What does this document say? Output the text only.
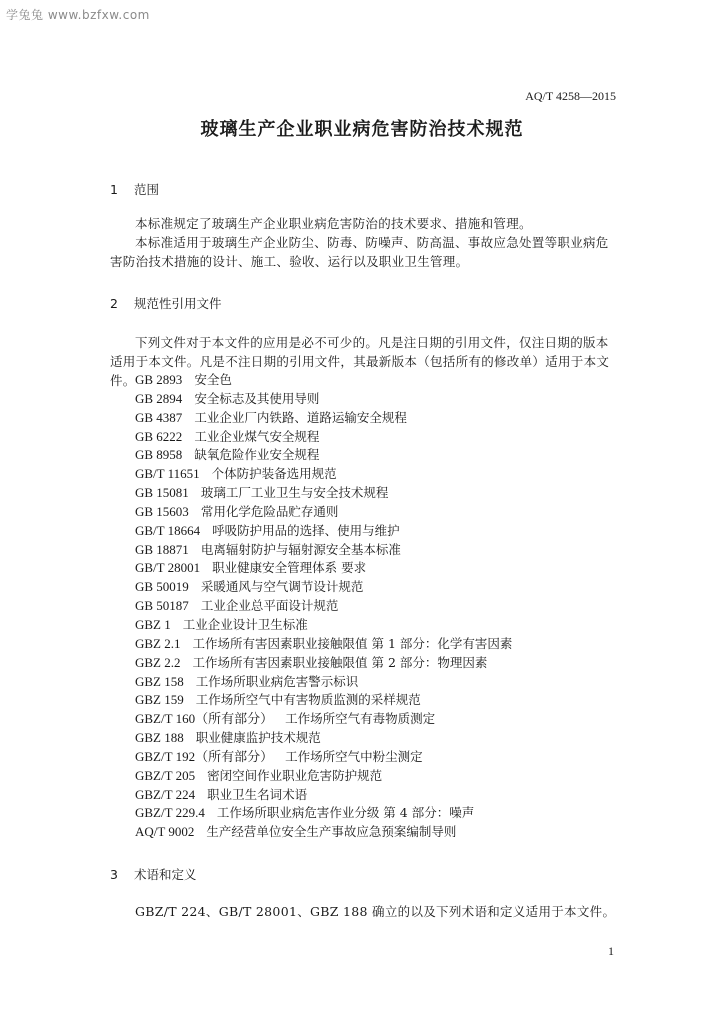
学兔兔 www.bzfxw.com
AQ/T 4258—2015
玻璃生产企业职业病危害防治技术规范
1 范围
本标准规定了玻璃生产企业职业病危害防治的技术要求、措施和管理。
本标准适用于玻璃生产企业防尘、防毒、防噪声、防高温、事故应急处置等职业病危害防治技术措施的设计、施工、验收、运行以及职业卫生管理。
2 规范性引用文件
下列文件对于本文件的应用是必不可少的。凡是注日期的引用文件，仅注日期的版本适用于本文件。凡是不注日期的引用文件，其最新版本（包括所有的修改单）适用于本文件。 GB 2893 安全色
GB 2894 安全标志及其使用导则
GB 4387 工业企业厂内铁路、道路运输安全规程
GB 6222 工业企业煤气安全规程
GB 8958 缺氧危险作业安全规程
GB/T 11651 个体防护装备选用规范
GB 15081 玻璃工厂工业卫生与安全技术规程
GB 15603 常用化学危险品贮存通则
GB/T 18664 呼吸防护用品的选择、使用与维护
GB 18871 电离辐射防护与辐射源安全基本标准
GB/T 28001 职业健康安全管理体系 要求
GB 50019 采暖通风与空气调节设计规范
GB 50187 工业企业总平面设计规范
GBZ 1 工业企业设计卫生标准
GBZ 2.1 工作场所有害因素职业接触限值 第 1 部分：化学有害因素
GBZ 2.2 工作场所有害因素职业接触限值 第 2 部分：物理因素
GBZ 158 工作场所职业病危害警示标识
GBZ 159 工作场所空气中有害物质监测的采样规范
GBZ/T 160（所有部分） 工作场所空气有毒物质测定
GBZ 188 职业健康监护技术规范
GBZ/T 192（所有部分） 工作场所空气中粉尘测定
GBZ/T 205 密闭空间作业职业危害防护规范
GBZ/T 224 职业卫生名词术语
GBZ/T 229.4 工作场所职业病危害作业分级 第 4 部分：噪声
AQ/T 9002 生产经营单位安全生产事故应急预案编制导则
3 术语和定义
GBZ/T 224、GB/T 28001、GBZ 188 确立的以及下列术语和定义适用于本文件。
1
